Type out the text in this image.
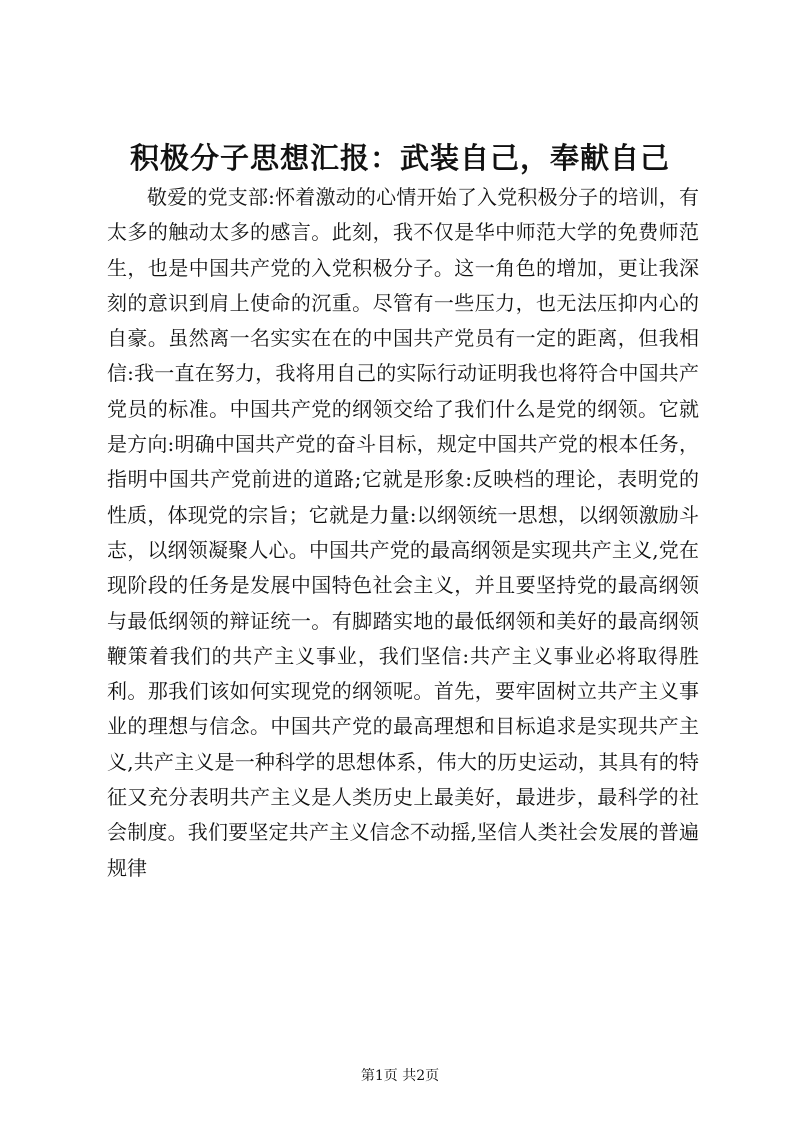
积极分子思想汇报：武装自己，奉献自己

敬爱的党支部:怀着激动的心情开始了入党积极分子的培训，有太多的触动太多的感言。此刻，我不仅是华中师范大学的免费师范生，也是中国共产党的入党积极分子。这一角色的增加，更让我深刻的意识到肩上使命的沉重。尽管有一些压力，也无法压抑内心的自豪。虽然离一名实实在在的中国共产党员有一定的距离，但我相信:我一直在努力，我将用自己的实际行动证明我也将符合中国共产党员的标准。中国共产党的纲领交给了我们什么是党的纲领。它就是方向:明确中国共产党的奋斗目标，规定中国共产党的根本任务，指明中国共产党前进的道路;它就是形象:反映档的理论，表明党的性质，体现党的宗旨；它就是力量:以纲领统一思想，以纲领激励斗志，以纲领凝聚人心。中国共产党的最高纲领是实现共产主义,党在现阶段的任务是发展中国特色社会主义，并且要坚持党的最高纲领与最低纲领的辩证统一。有脚踏实地的最低纲领和美好的最高纲领鞭策着我们的共产主义事业，我们坚信:共产主义事业必将取得胜利。那我们该如何实现党的纲领呢。首先，要牢固树立共产主义事业的理想与信念。中国共产党的最高理想和目标追求是实现共产主义,共产主义是一种科学的思想体系，伟大的历史运动，其具有的特征又充分表明共产主义是人类历史上最美好，最进步，最科学的社会制度。我们要坚定共产主义信念不动摇,坚信人类社会发展的普遍规律

第1页 共2页
